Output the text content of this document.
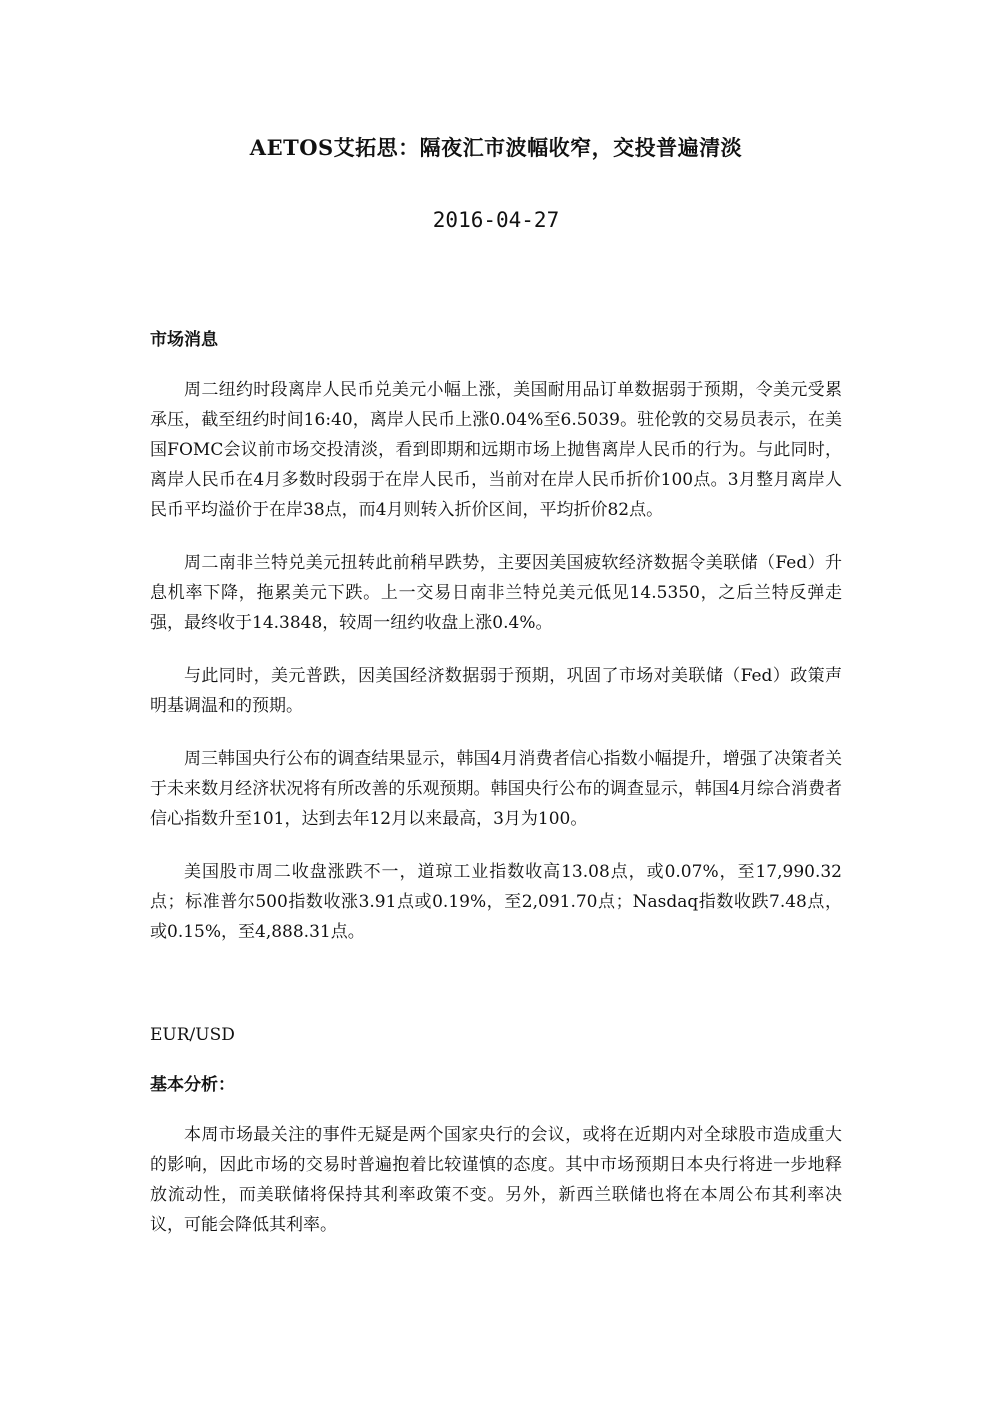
AETOS艾拓思：隔夜汇市波幅收窄，交投普遍清淡
2016-04-27
市场消息

周二纽约时段离岸人民币兑美元小幅上涨，美国耐用品订单数据弱于预期，令美元受累承压，截至纽约时间16:40，离岸人民币上涨0.04%至6.5039。驻伦敦的交易员表示，在美国FOMC会议前市场交投清淡，看到即期和远期市场上抛售离岸人民币的行为。与此同时，离岸人民币在4月多数时段弱于在岸人民币，当前对在岸人民币折价100点。3月整月离岸人民币平均溢价于在岸38点，而4月则转入折价区间，平均折价82点。

周二南非兰特兑美元扭转此前稍早跌势，主要因美国疲软经济数据令美联储（Fed）升息机率下降，拖累美元下跌。上一交易日南非兰特兑美元低见14.5350，之后兰特反弹走强，最终收于14.3848，较周一纽约收盘上涨0.4%。

与此同时，美元普跌，因美国经济数据弱于预期，巩固了市场对美联储（Fed）政策声明基调温和的预期。

周三韩国央行公布的调查结果显示，韩国4月消费者信心指数小幅提升，增强了决策者关于未来数月经济状况将有所改善的乐观预期。韩国央行公布的调查显示，韩国4月综合消费者信心指数升至101，达到去年12月以来最高，3月为100。

美国股市周二收盘涨跌不一，道琼工业指数收高13.08点，或0.07%，至17,990.32点；标准普尔500指数收涨3.91点或0.19%，至2,091.70点；Nasdaq指数收跌7.48点，或0.15%，至4,888.31点。

EUR/USD
基本分析：

本周市场最关注的事件无疑是两个国家央行的会议，或将在近期内对全球股市造成重大的影响，因此市场的交易时普遍抱着比较谨慎的态度。其中市场预期日本央行将进一步地释放流动性，而美联储将保持其利率政策不变。另外，新西兰联储也将在本周公布其利率决议，可能会降低其利率。
